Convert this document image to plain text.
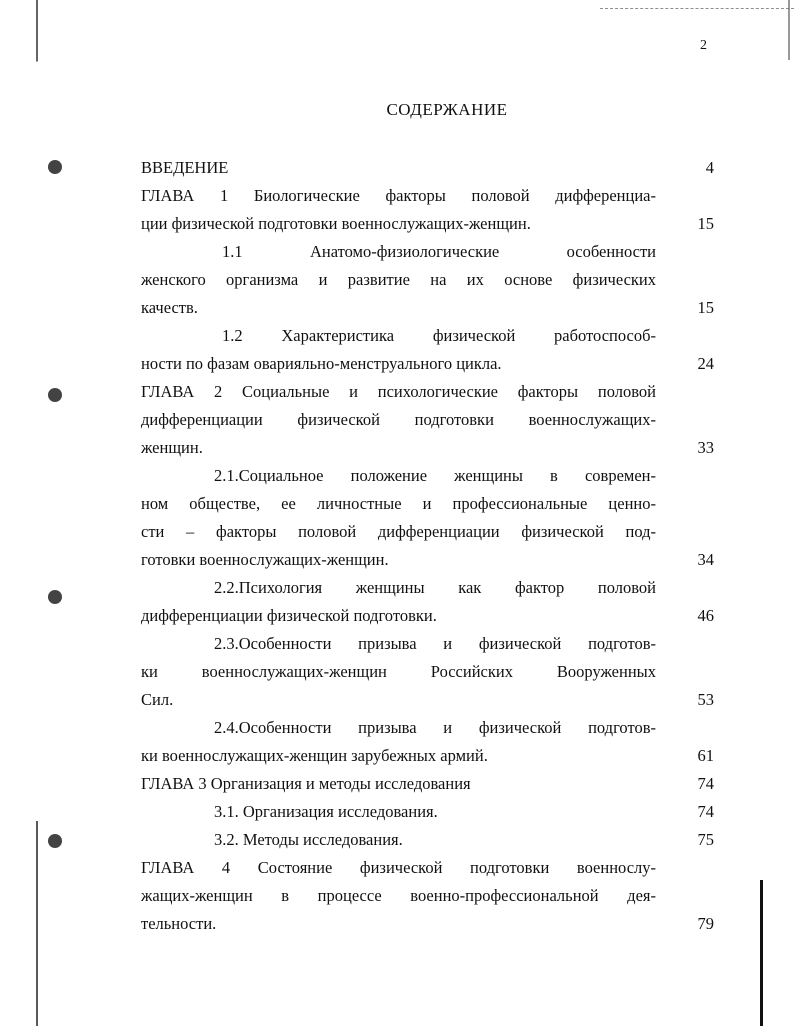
2
СОДЕРЖАНИЕ
ВВЕДЕНИЕ	4
ГЛАВА 1 Биологические факторы половой дифференциа-
ции физической подготовки военнослужащих-женщин.	15
1.1 Анатомо-физиологические особенности
женского организма и развитие на их основе физических
качеств.	15
1.2 Характеристика физической работоспособ-
ности по фазам оварияльно-менструального цикла.	24
ГЛАВА 2 Социальные и психологические факторы половой
дифференциации физической подготовки военнослужащих-
женщин.	33
2.1.Социальное положение женщины в современ-
ном обществе, ее личностные и профессиональные ценно-
сти – факторы половой дифференциации физической под-
готовки военнослужащих-женщин.	34
2.2.Психология женщины как фактор половой
дифференциации физической подготовки.	46
2.3.Особенности призыва и физической подготов-
ки военнослужащих-женщин Российских Вооруженных
Сил.	53
2.4.Особенности призыва и физической подготов-
ки военнослужащих-женщин зарубежных армий.	61
ГЛАВА 3 Организация и методы исследования	74
3.1. Организация исследования.	74
3.2. Методы исследования.	75
ГЛАВА 4 Состояние физической подготовки военнослу-
жащих-женщин в процессе военно-профессиональной дея-
тельности.	79
